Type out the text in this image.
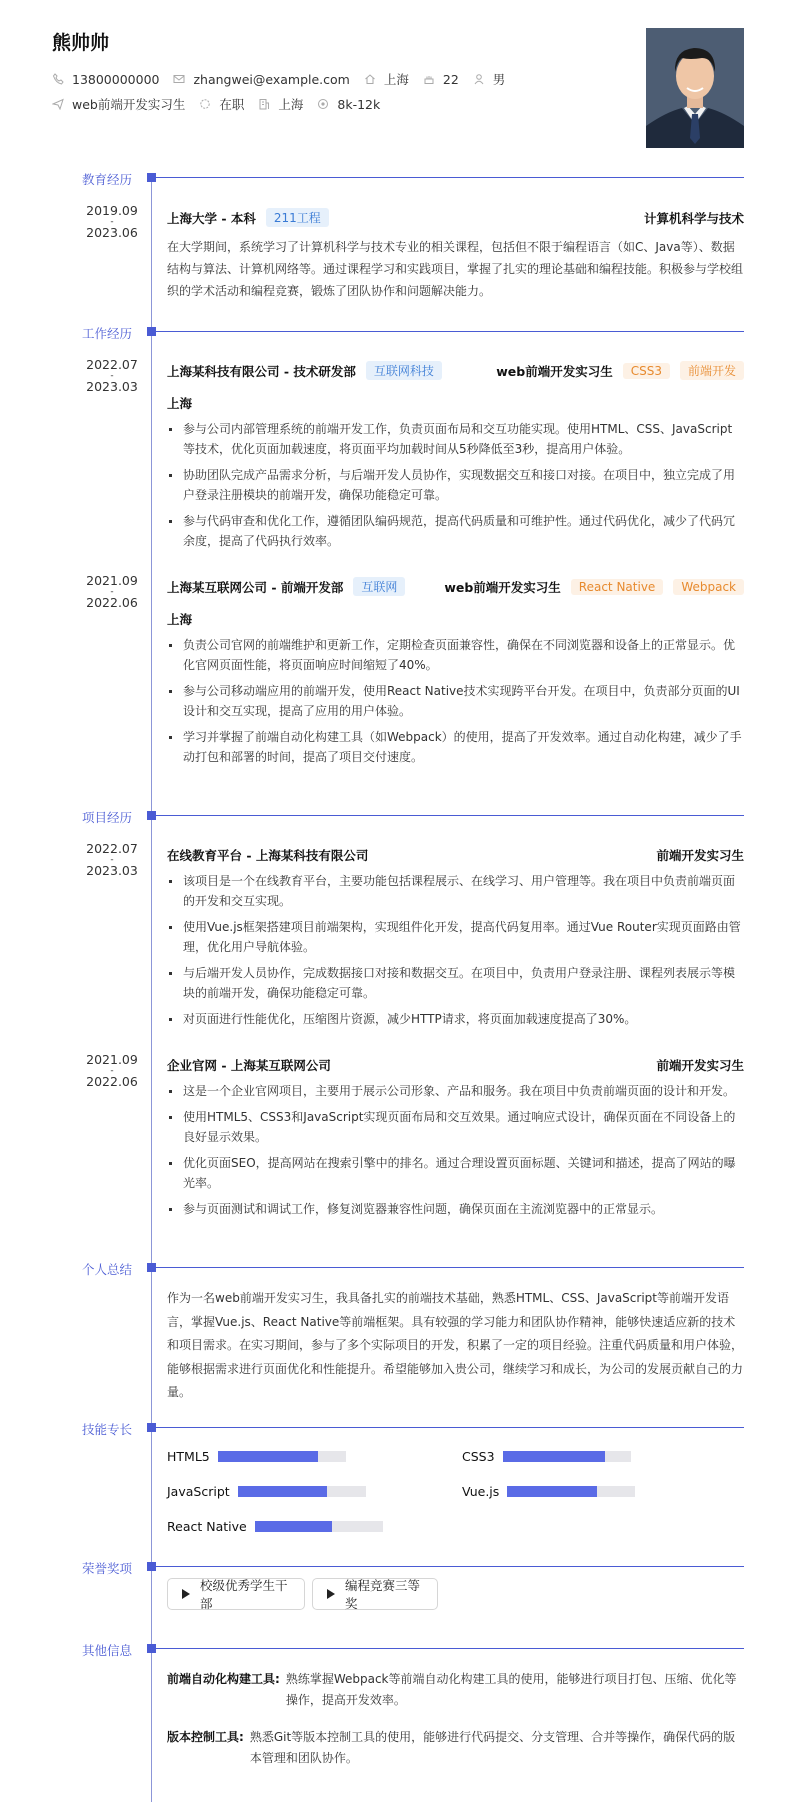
熊帅帅
13800000000	zhangwei@example.com	上海	22	男
web前端开发实习生	在职	上海	8k-12k
教育经历
2019.09
-
2023.06
上海大学 - 本科	211工程	计算机科学与技术
在大学期间，系统学习了计算机科学与技术专业的相关课程，包括但不限于编程语言（如C、Java等）、数据结构与算法、计算机网络等。通过课程学习和实践项目，掌握了扎实的理论基础和编程技能。积极参与学校组织的学术活动和编程竞赛，锻炼了团队协作和问题解决能力。
工作经历
2022.07
-
2023.03
上海某科技有限公司 - 技术研发部	互联网科技	web前端开发实习生	CSS3	前端开发
上海
参与公司内部管理系统的前端开发工作，负责页面布局和交互功能实现。使用HTML、CSS、JavaScript等技术，优化页面加载速度，将页面平均加载时间从5秒降低至3秒，提高用户体验。
协助团队完成产品需求分析，与后端开发人员协作，实现数据交互和接口对接。在项目中，独立完成了用户登录注册模块的前端开发，确保功能稳定可靠。
参与代码审查和优化工作，遵循团队编码规范，提高代码质量和可维护性。通过代码优化，减少了代码冗余度，提高了代码执行效率。
2021.09
-
2022.06
上海某互联网公司 - 前端开发部	互联网	web前端开发实习生	React Native	Webpack
上海
负责公司官网的前端维护和更新工作，定期检查页面兼容性，确保在不同浏览器和设备上的正常显示。优化官网页面性能，将页面响应时间缩短了40%。
参与公司移动端应用的前端开发，使用React Native技术实现跨平台开发。在项目中，负责部分页面的UI设计和交互实现，提高了应用的用户体验。
学习并掌握了前端自动化构建工具（如Webpack）的使用，提高了开发效率。通过自动化构建，减少了手动打包和部署的时间，提高了项目交付速度。
项目经历
2022.07
-
2023.03
在线教育平台 - 上海某科技有限公司	前端开发实习生
该项目是一个在线教育平台，主要功能包括课程展示、在线学习、用户管理等。我在项目中负责前端页面的开发和交互实现。
使用Vue.js框架搭建项目前端架构，实现组件化开发，提高代码复用率。通过Vue Router实现页面路由管理，优化用户导航体验。
与后端开发人员协作，完成数据接口对接和数据交互。在项目中，负责用户登录注册、课程列表展示等模块的前端开发，确保功能稳定可靠。
对页面进行性能优化，压缩图片资源，减少HTTP请求，将页面加载速度提高了30%。
2021.09
-
2022.06
企业官网 - 上海某互联网公司	前端开发实习生
这是一个企业官网项目，主要用于展示公司形象、产品和服务。我在项目中负责前端页面的设计和开发。
使用HTML5、CSS3和JavaScript实现页面布局和交互效果。通过响应式设计，确保页面在不同设备上的良好显示效果。
优化页面SEO，提高网站在搜索引擎中的排名。通过合理设置页面标题、关键词和描述，提高了网站的曝光率。
参与页面测试和调试工作，修复浏览器兼容性问题，确保页面在主流浏览器中的正常显示。
个人总结
作为一名web前端开发实习生，我具备扎实的前端技术基础，熟悉HTML、CSS、JavaScript等前端开发语言，掌握Vue.js、React Native等前端框架。具有较强的学习能力和团队协作精神，能够快速适应新的技术和项目需求。在实习期间，参与了多个实际项目的开发，积累了一定的项目经验。注重代码质量和用户体验，能够根据需求进行页面优化和性能提升。希望能够加入贵公司，继续学习和成长，为公司的发展贡献自己的力量。
技能专长
HTML5	CSS3
JavaScript	Vue.js
React Native
荣誉奖项
校级优秀学生干部
编程竞赛三等奖
其他信息
前端自动化构建工具: 熟练掌握Webpack等前端自动化构建工具的使用，能够进行项目打包、压缩、优化等操作，提高开发效率。
版本控制工具: 熟悉Git等版本控制工具的使用，能够进行代码提交、分支管理、合并等操作，确保代码的版本管理和团队协作。
